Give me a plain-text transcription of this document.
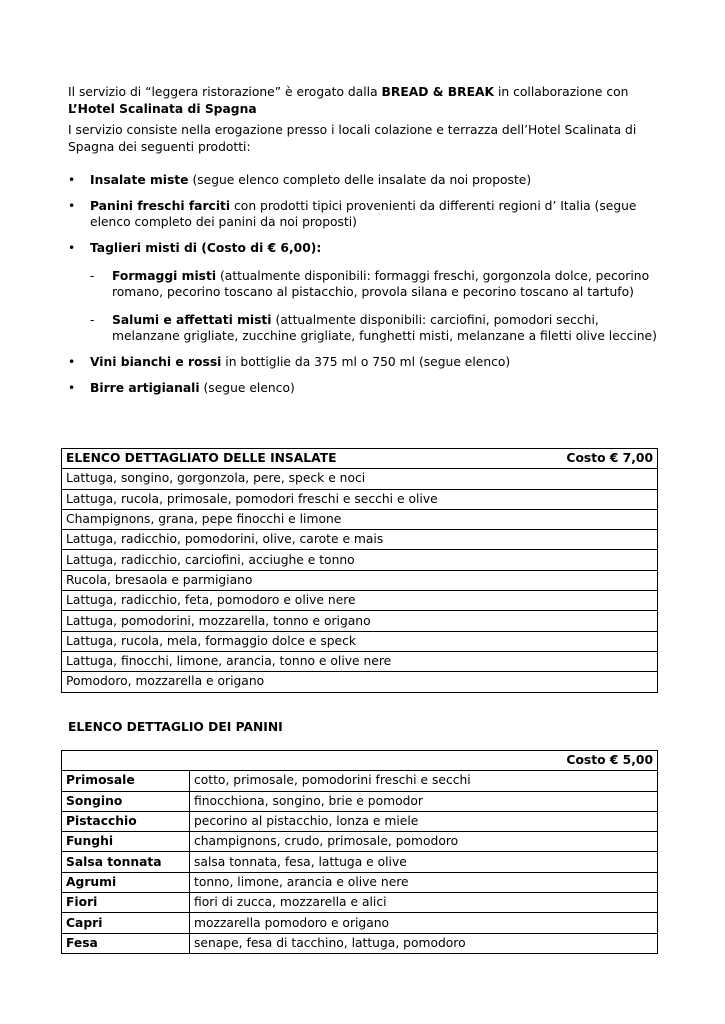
Il servizio di “leggera ristorazione” è erogato dalla BREAD & BREAK in collaborazione con
L’Hotel Scalinata di Spagna

I servizio consiste nella erogazione presso i locali colazione e terrazza dell’Hotel Scalinata di Spagna dei seguenti prodotti:

• Insalate miste (segue elenco completo delle insalate da noi proposte)
• Panini freschi farciti con prodotti tipici provenienti da differenti regioni d’ Italia (segue elenco completo dei panini da noi proposti)
• Taglieri misti di (Costo di € 6,00):
- Formaggi misti (attualmente disponibili: formaggi freschi, gorgonzola dolce, pecorino romano, pecorino toscano al pistacchio, provola silana e pecorino toscano al tartufo)
- Salumi e affettati misti (attualmente disponibili: carciofini, pomodori secchi, melanzane grigliate, zucchine grigliate, funghetti misti, melanzane a filetti olive leccine)
• Vini bianchi e rossi in bottiglie da 375 ml o 750 ml (segue elenco)
• Birre artigianali (segue elenco)
ELENCO DETTAGLIATO DELLE INSALATE	Costo € 7,00

Lattuga, songino, gorgonzola, pere, speck e noci
Lattuga, rucola, primosale, pomodori freschi e secchi e olive
Champignons, grana, pepe finocchi e limone
Lattuga, radicchio, pomodorini, olive, carote e mais
Lattuga, radicchio, carciofini, acciughe e tonno
Rucola, bresaola e parmigiano
Lattuga, radicchio, feta, pomodoro e olive nere
Lattuga, pomodorini, mozzarella, tonno e origano
Lattuga, rucola, mela, formaggio dolce e speck
Lattuga, finocchi, limone, arancia, tonno e olive nere
Pomodoro, mozzarella e origano
ELENCO DETTAGLIO DEI PANINI
Costo € 5,00	
Primosale	cotto, primosale, pomodorini freschi e secchi
Songino	finocchiona, songino, brie e pomodor
Pistacchio	pecorino al pistacchio, lonza e miele
Funghi	champignons, crudo, primosale, pomodoro
Salsa tonnata	salsa tonnata, fesa, lattuga e olive
Agrumi	tonno, limone, arancia e olive nere
Fiori	fiori di zucca, mozzarella e alici
Capri	mozzarella pomodoro e origano
Fesa	senape, fesa di tacchino, lattuga, pomodoro
